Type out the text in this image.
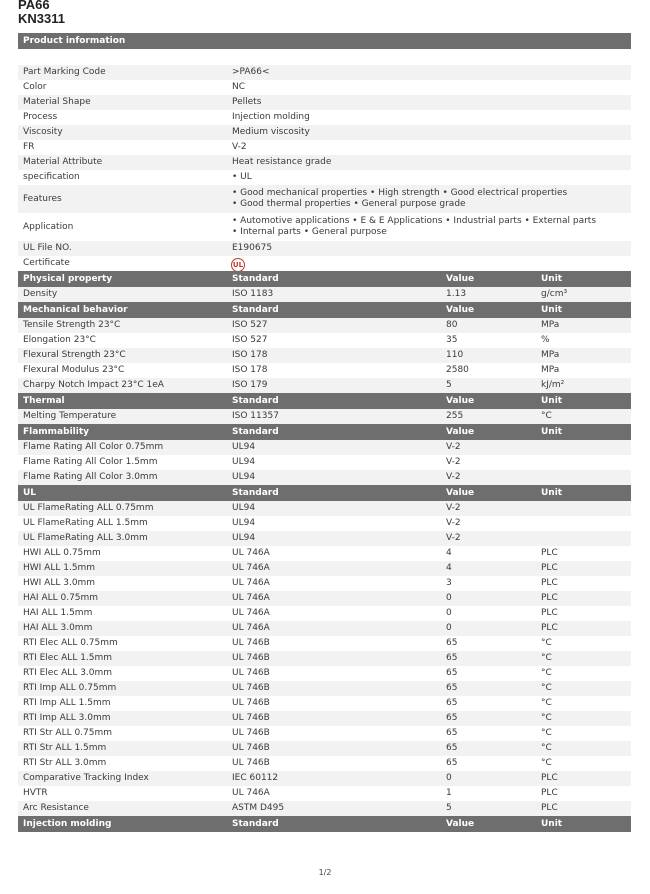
PA66
KN3311
Product information
Part Marking Code	>PA66<
Color	NC
Material Shape	Pellets
Process	Injection molding
Viscosity	Medium viscosity
FR	V-2
Material Attribute	Heat resistance grade
specification	• UL
Features
• Good mechanical properties • High strength • Good electrical properties
• Good thermal properties • General purpose grade
Application
• Automotive applications • E & E Applications • Industrial parts • External parts
• Internal parts • General purpose
UL File NO.	E190675
Certificate	UL
Physical property	Standard	Value	Unit
Density	ISO 1183	1.13	g/cm³
Mechanical behavior	Standard	Value	Unit
Tensile Strength 23°C	ISO 527	80	MPa
Elongation 23°C	ISO 527	35	%
Flexural Strength 23°C	ISO 178	110	MPa
Flexural Modulus 23°C	ISO 178	2580	MPa
Charpy Notch Impact 23°C 1eA	ISO 179	5	kJ/m²
Thermal	Standard	Value	Unit
Melting Temperature	ISO 11357	255	°C
Flammability	Standard	Value	Unit
Flame Rating All Color 0.75mm	UL94	V-2
Flame Rating All Color 1.5mm	UL94	V-2
Flame Rating All Color 3.0mm	UL94	V-2
UL	Standard	Value	Unit
UL FlameRating ALL 0.75mm	UL94	V-2
UL FlameRating ALL 1.5mm	UL94	V-2
UL FlameRating ALL 3.0mm	UL94	V-2
HWI ALL 0.75mm	UL 746A	4	PLC
HWI ALL 1.5mm	UL 746A	4	PLC
HWI ALL 3.0mm	UL 746A	3	PLC
HAI ALL 0.75mm	UL 746A	0	PLC
HAI ALL 1.5mm	UL 746A	0	PLC
HAI ALL 3.0mm	UL 746A	0	PLC
RTI Elec ALL 0.75mm	UL 746B	65	°C
RTI Elec ALL 1.5mm	UL 746B	65	°C
RTI Elec ALL 3.0mm	UL 746B	65	°C
RTI Imp ALL 0.75mm	UL 746B	65	°C
RTI Imp ALL 1.5mm	UL 746B	65	°C
RTI Imp ALL 3.0mm	UL 746B	65	°C
RTI Str ALL 0.75mm	UL 746B	65	°C
RTI Str ALL 1.5mm	UL 746B	65	°C
RTI Str ALL 3.0mm	UL 746B	65	°C
Comparative Tracking Index	IEC 60112	0	PLC
HVTR	UL 746A	1	PLC
Arc Resistance	ASTM D495	5	PLC
Injection molding	Standard	Value	Unit
1/2
